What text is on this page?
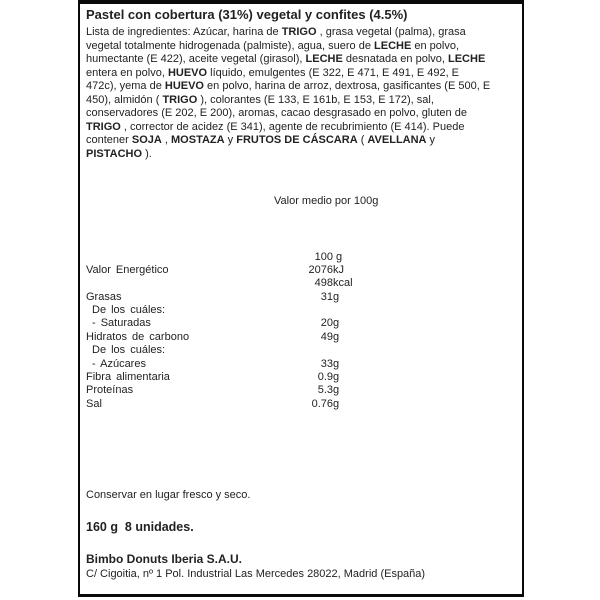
Pastel con cobertura (31%) vegetal y confites (4.5%)
Lista de ingredientes: Azúcar, harina de TRIGO , grasa vegetal (palma), grasa
vegetal totalmente hidrogenada (palmiste), agua, suero de LECHE en polvo,
humectante (E 422), aceite vegetal (girasol), LECHE desnatada en polvo, LECHE
entera en polvo, HUEVO líquido, emulgentes (E 322, E 471, E 491, E 492, E
472c), yema de HUEVO en polvo, harina de arroz, dextrosa, gasificantes (E 500, E
450), almidón ( TRIGO ), colorantes (E 133, E 161b, E 153, E 172), sal,
conservadores (E 202, E 200), aromas, cacao desgrasado en polvo, gluten de
TRIGO , corrector de acidez (E 341), agente de recubrimiento (E 414). Puede
contener SOJA , MOSTAZA y FRUTOS DE CÁSCARA ( AVELLANA y
PISTACHO ).
Valor medio por 100g
100 g
Valor Energético	2076 kJ
498 kcal
Grasas	31 g
De los cuáles:
- Saturadas	20 g
Hidratos de carbono	49 g
De los cuáles:
- Azúcares	33 g
Fibra alimentaria	0.9 g
Proteínas	5.3 g
Sal	0.76 g
Conservar en lugar fresco y seco.
160 g  8 unidades.
Bimbo Donuts Iberia S.A.U.
C/ Cigoitia, nº 1 Pol. Industrial Las Mercedes 28022, Madrid (España)
